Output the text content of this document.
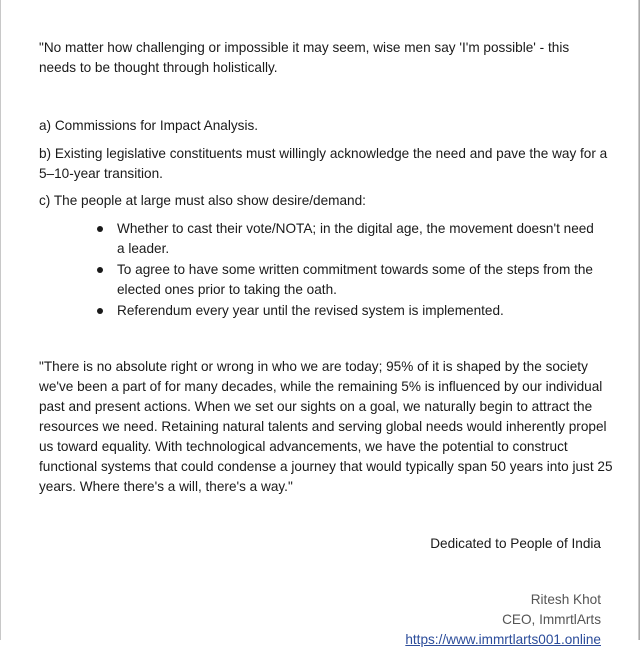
"No matter how challenging or impossible it may seem, wise men say 'I'm possible' - this needs to be thought through holistically.

a) Commissions for Impact Analysis.

b) Existing legislative constituents must willingly acknowledge the need and pave the way for a 5–10-year transition.

c) The people at large must also show desire/demand:

Whether to cast their vote/NOTA; in the digital age, the movement doesn't need a leader.
To agree to have some written commitment towards some of the steps from the elected ones prior to taking the oath.
Referendum every year until the revised system is implemented.

"There is no absolute right or wrong in who we are today; 95% of it is shaped by the society we've been a part of for many decades, while the remaining 5% is influenced by our individual past and present actions. When we set our sights on a goal, we naturally begin to attract the resources we need. Retaining natural talents and serving global needs would inherently propel us toward equality. With technological advancements, we have the potential to construct functional systems that could condense a journey that would typically span 50 years into just 25 years. Where there's a will, there's a way."

Dedicated to People of India

Ritesh Khot
CEO, ImmrtlArts
https://www.immrtlarts001.online
